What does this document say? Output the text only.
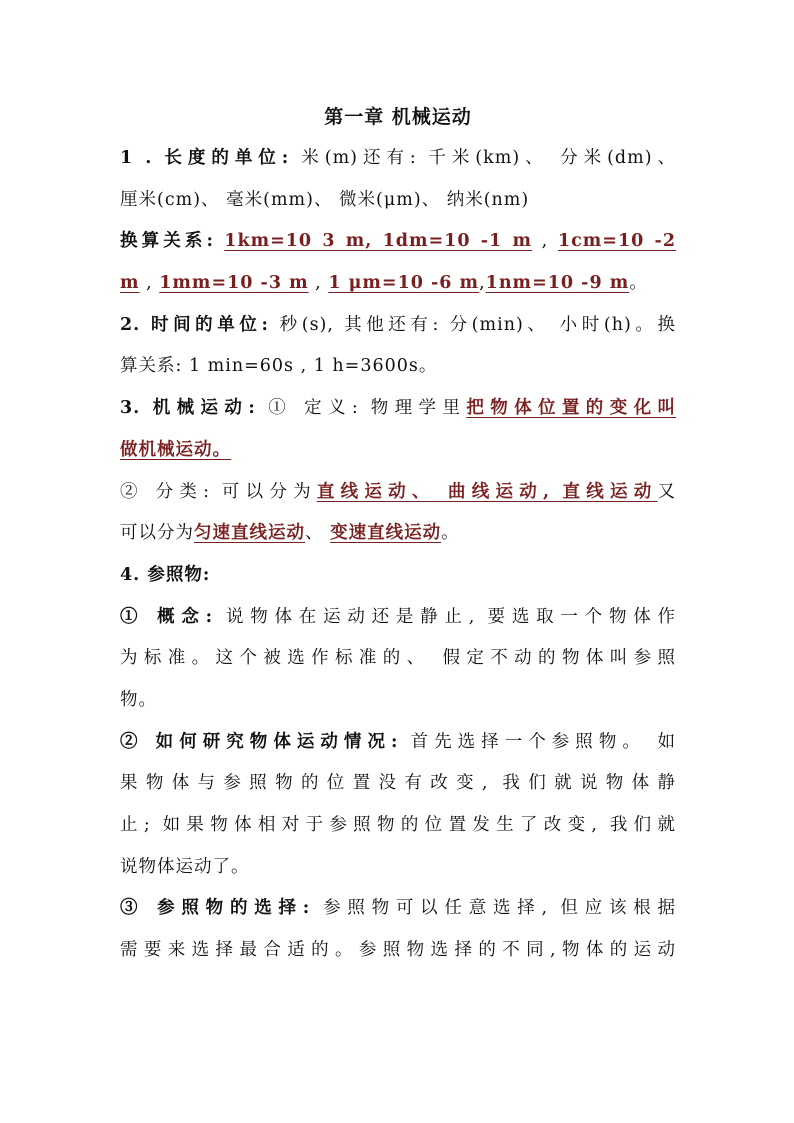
第一章 机械运动
1 . 长度的单位: 米(m)还有: 千米(km)、 分米(dm)、
厘米(cm)、 毫米(mm)、 微米(μm)、 纳米(nm)
换算关系: 1km=10 3 m, 1dm=10 -1 m , 1cm=10 -2
m , 1mm=10 -3 m , 1 μm=10 -6 m,1nm=10 -9 m。
2. 时间的单位: 秒(s), 其他还有: 分(min)、 小时(h)。换
算关系: 1 min=60s , 1 h=3600s。
3. 机械运动: ① 定义: 物理学里把物体位置的变化叫
做机械运动。
② 分类: 可以分为直线运动、 曲线运动, 直线运动又
可以分为匀速直线运动、 变速直线运动。
4. 参照物:
① 概念: 说物体在运动还是静止, 要选取一个物体作
为标准。这个被选作标准的、 假定不动的物体叫参照
物。
② 如何研究物体运动情况: 首先选择一个参照物。 如
果物体与参照物的位置没有改变, 我们就说物体静
止; 如果物体相对于参照物的位置发生了改变, 我们就
说物体运动了。
③ 参照物的选择: 参照物可以任意选择, 但应该根据
需要来选择最合适的。参照物选择的不同,物体的运动
